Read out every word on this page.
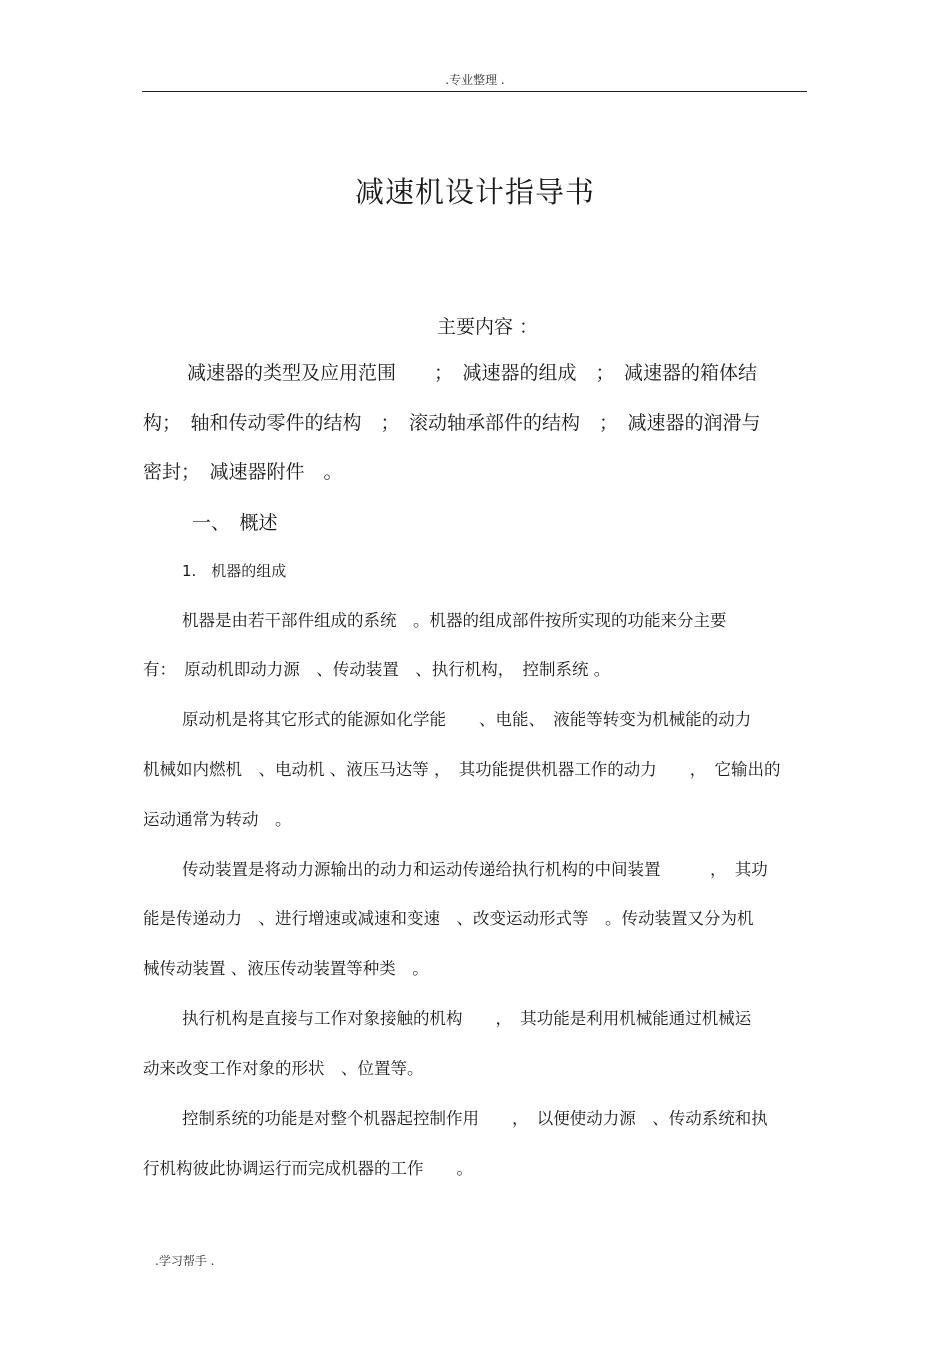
.专业整理 .
减速机设计指导书
主要内容 ：
减速器的类型及应用范围　　；　减速器的组成　；　减速器的箱体结
构；　轴和传动零件的结构　；　滚动轴承部件的结构　；　减速器的润滑与
密封；　减速器附件　。
一、　概述
1.　机器的组成
机器是由若干部件组成的系统　。机器的组成部件按所实现的功能来分主要
有：　原动机即动力源　、传动装置　、执行机构，　控制系统 。
原动机是将其它形式的能源如化学能　　、电能、　液能等转变为机械能的动力
机械如内燃机　、电动机 、液压马达等 ，　其功能提供机器工作的动力　　，　它输出的
运动通常为转动　。
传动装置是将动力源输出的动力和运动传递给执行机构的中间装置　　　，　其功
能是传递动力　、进行增速或减速和变速　、改变运动形式等　。传动装置又分为机
械传动装置 、液压传动装置等种类　。
执行机构是直接与工作对象接触的机构　　，　其功能是利用机械能通过机械运
动来改变工作对象的形状　、位置等。
控制系统的功能是对整个机器起控制作用　　，　以便使动力源　、传动系统和执
行机构彼此协调运行而完成机器的工作　　。
.学习帮手 .
